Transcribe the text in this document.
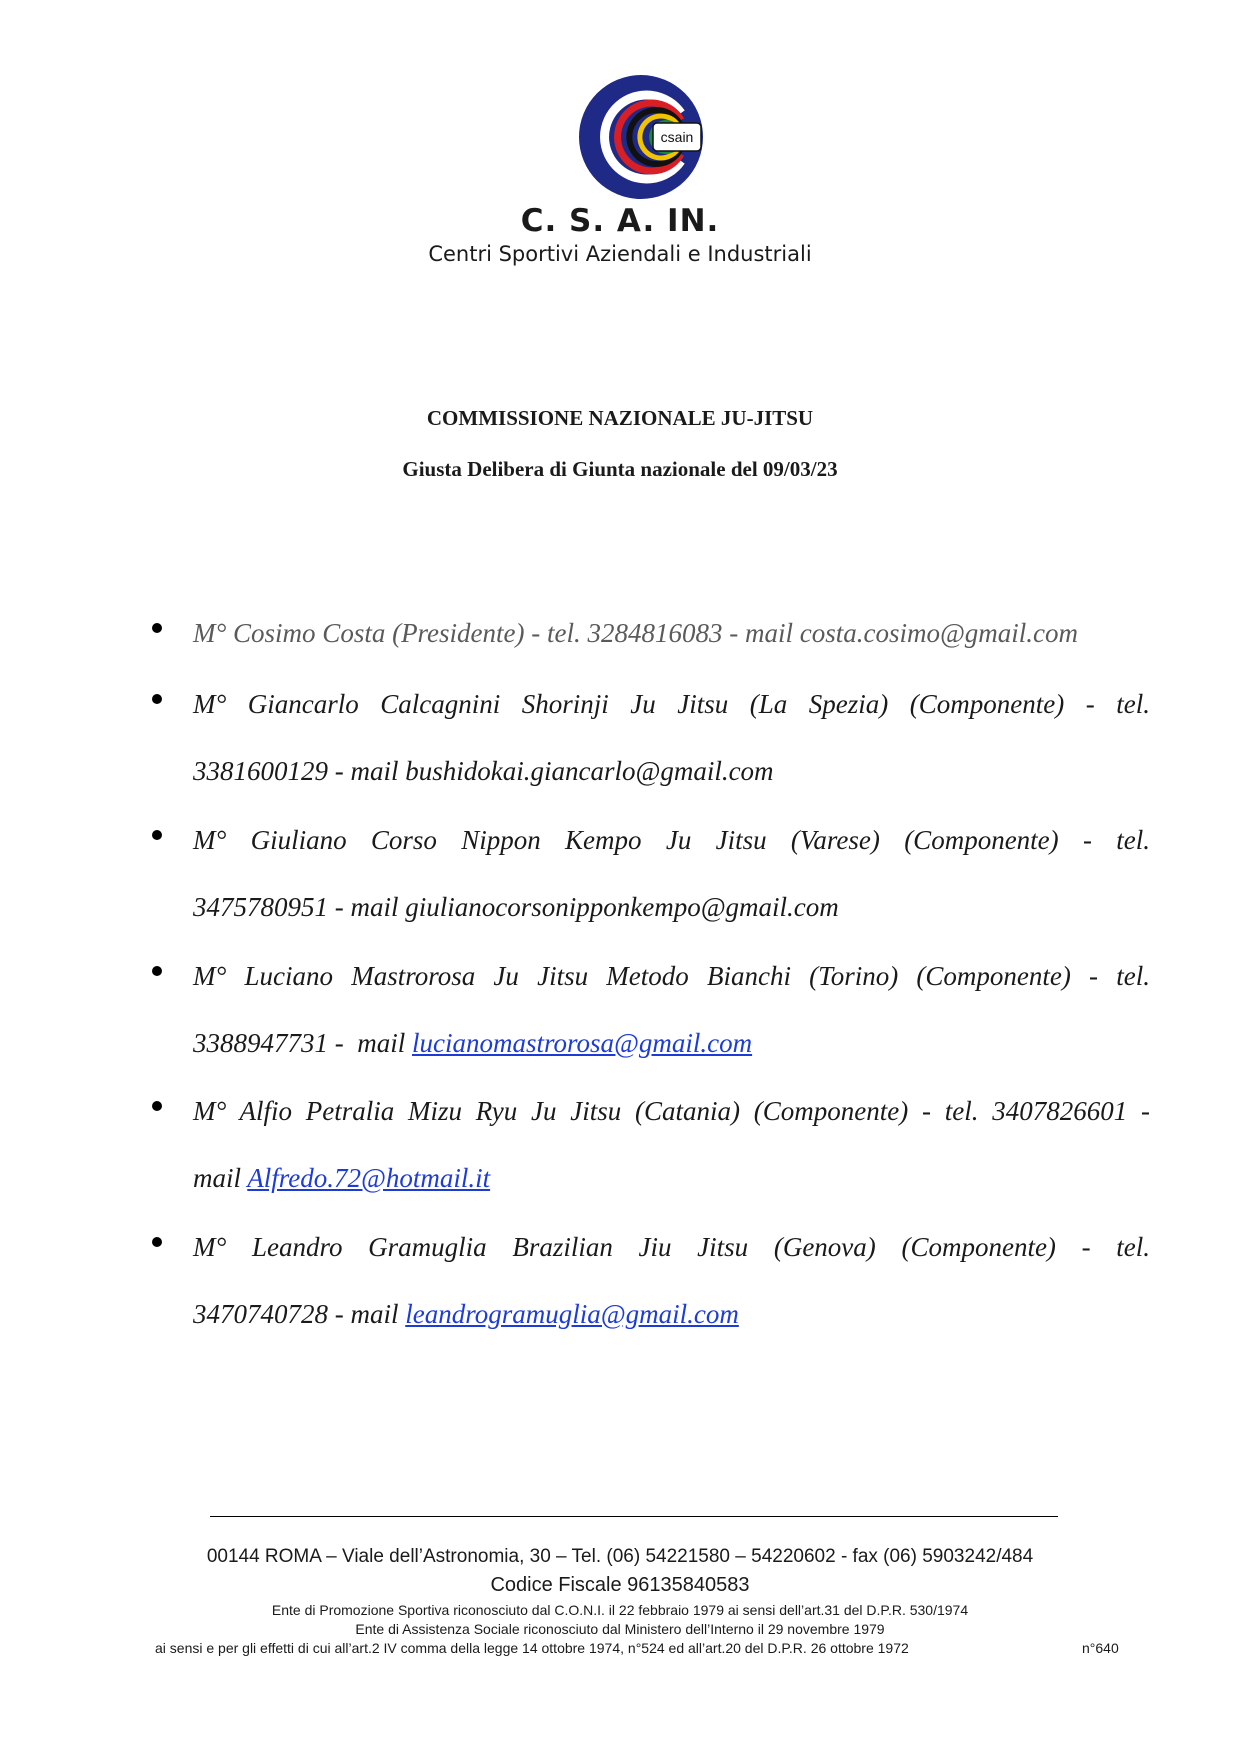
csain
C. S. A. IN.
Centri Sportivi Aziendali e Industriali
COMMISSIONE NAZIONALE JU-JITSU
Giusta Delibera di Giunta nazionale del 09/03/23
M° Cosimo Costa (Presidente) - tel. 3284816083 - mail costa.cosimo@gmail.com
M° Giancarlo Calcagnini Shorinji Ju Jitsu (La Spezia) (Componente) - tel.
3381600129 - mail bushidokai.giancarlo@gmail.com
M° Giuliano Corso Nippon Kempo Ju Jitsu (Varese) (Componente) - tel.
3475780951 - mail giulianocorsonipponkempo@gmail.com
M° Luciano Mastrorosa Ju Jitsu Metodo Bianchi (Torino) (Componente) - tel.
3388947731 -  mail lucianomastrorosa@gmail.com
M° Alfio Petralia Mizu Ryu Ju Jitsu (Catania) (Componente) - tel. 3407826601 -
mail Alfredo.72@hotmail.it
M° Leandro Gramuglia Brazilian Jiu Jitsu (Genova) (Componente) - tel.
3470740728 - mail leandrogramuglia@gmail.com
00144 ROMA – Viale dell’Astronomia, 30 – Tel. (06) 54221580 – 54220602 - fax (06) 5903242/484
Codice Fiscale 96135840583
Ente di Promozione Sportiva riconosciuto dal C.O.N.I. il 22 febbraio 1979 ai sensi dell’art.31 del D.P.R. 530/1974
Ente di Assistenza Sociale riconosciuto dal Ministero dell’Interno il 29 novembre 1979
ai sensi e per gli effetti di cui all’art.2 IV comma della legge 14 ottobre 1974, n°524 ed all’art.20 del D.P.R. 26 ottobre 1972	n°640
